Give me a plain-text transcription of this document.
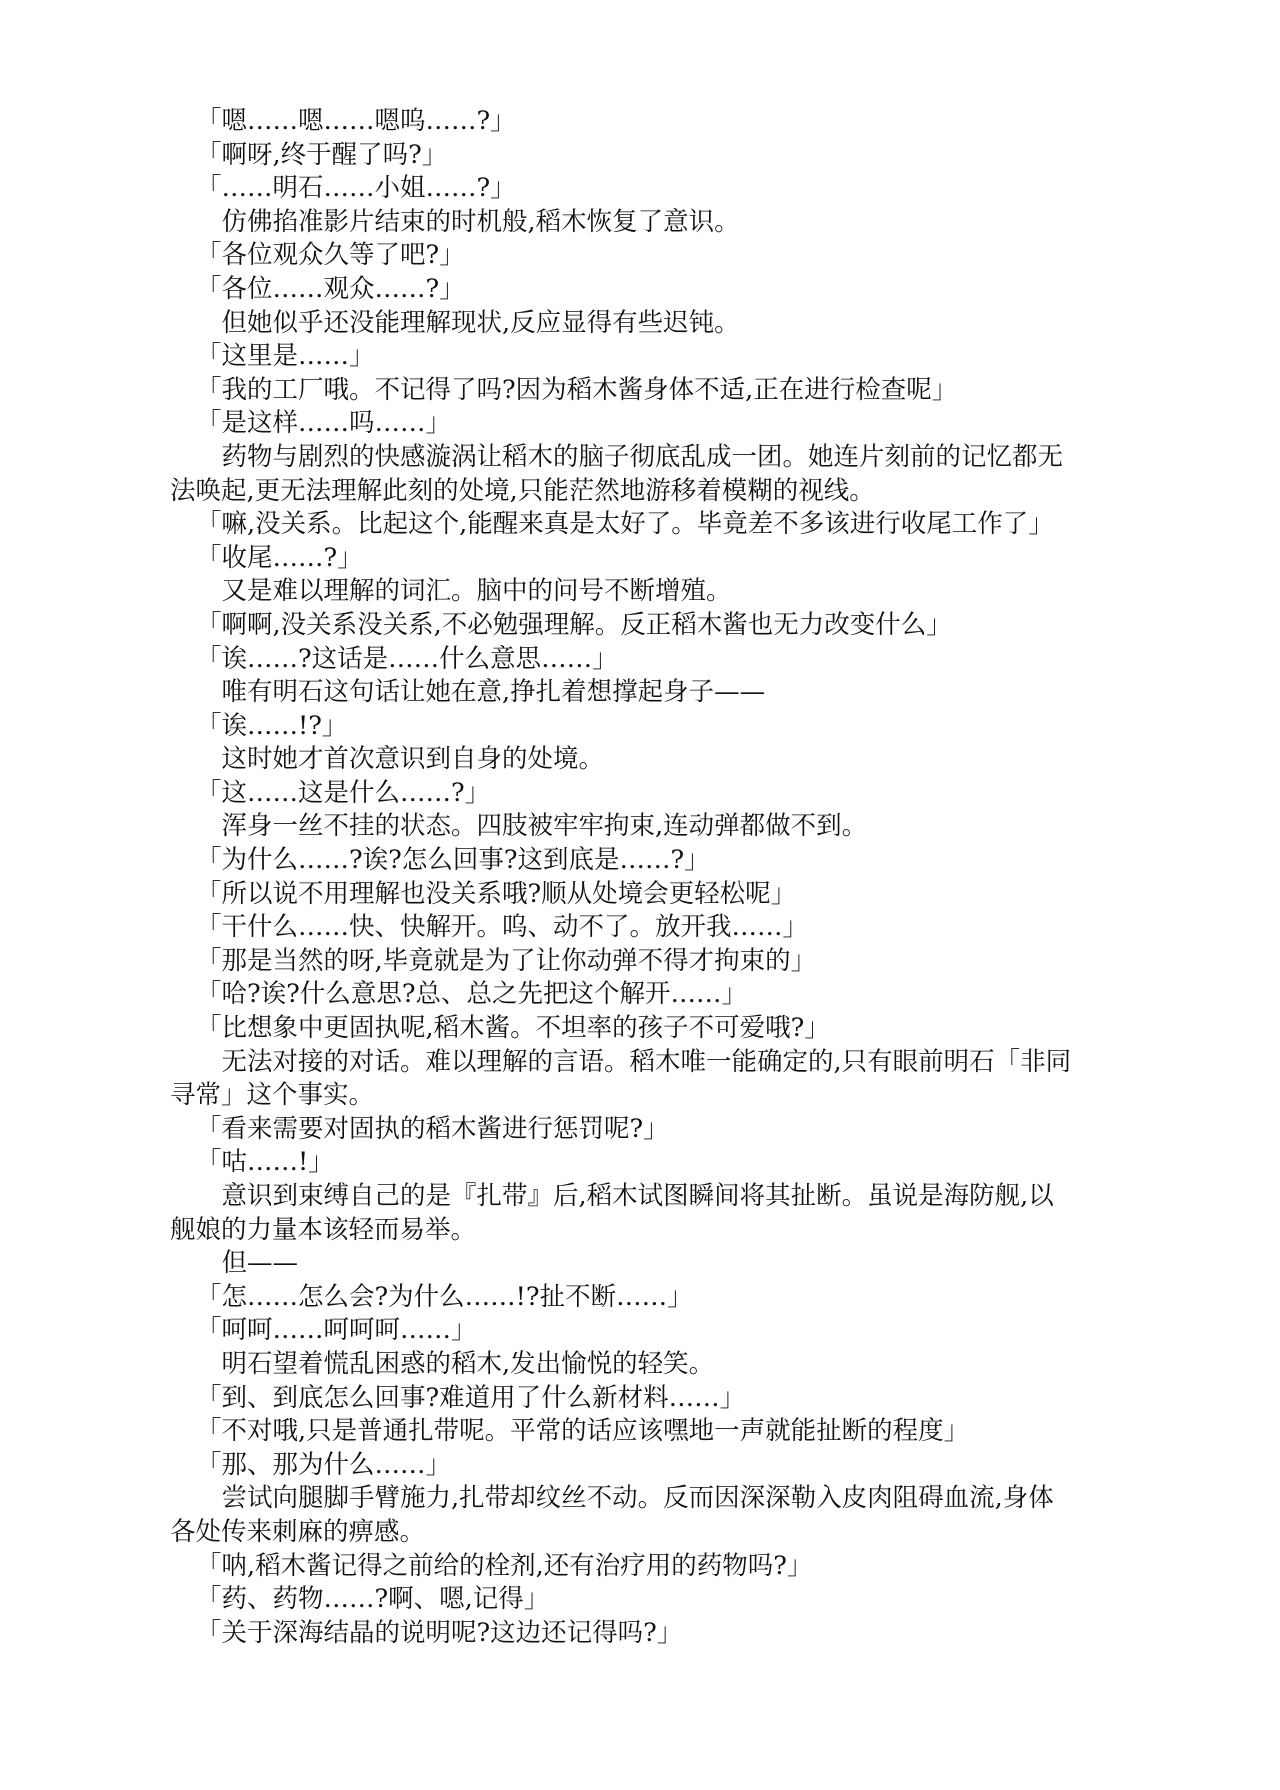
「嗯……嗯……嗯呜……?」

「啊呀,终于醒了吗?」

「……明石……小姐……?」

仿佛掐准影片结束的时机般,稻木恢复了意识。

「各位观众久等了吧?」

「各位……观众……?」

但她似乎还没能理解现状,反应显得有些迟钝。

「这里是……」

「我的工厂哦。不记得了吗?因为稻木酱身体不适,正在进行检查呢」

「是这样……吗……」

药物与剧烈的快感漩涡让稻木的脑子彻底乱成一团。她连片刻前的记忆都无

法唤起,更无法理解此刻的处境,只能茫然地游移着模糊的视线。

「嘛,没关系。比起这个,能醒来真是太好了。毕竟差不多该进行收尾工作了」

「收尾……?」

又是难以理解的词汇。脑中的问号不断增殖。

「啊啊,没关系没关系,不必勉强理解。反正稻木酱也无力改变什么」

「诶……?这话是……什么意思……」

唯有明石这句话让她在意,挣扎着想撑起身子——

「诶……!?」

这时她才首次意识到自身的处境。

「这……这是什么……?」

浑身一丝不挂的状态。四肢被牢牢拘束,连动弹都做不到。

「为什么……?诶?怎么回事?这到底是……?」

「所以说不用理解也没关系哦?顺从处境会更轻松呢」

「干什么……快、快解开。呜、动不了。放开我……」

「那是当然的呀,毕竟就是为了让你动弹不得才拘束的」

「哈?诶?什么意思?总、总之先把这个解开……」

「比想象中更固执呢,稻木酱。不坦率的孩子不可爱哦?」

无法对接的对话。难以理解的言语。稻木唯一能确定的,只有眼前明石「非同

寻常」这个事实。

「看来需要对固执的稻木酱进行惩罚呢?」

「咕……!」

意识到束缚自己的是『扎带』后,稻木试图瞬间将其扯断。虽说是海防舰,以

舰娘的力量本该轻而易举。

但——

「怎……怎么会?为什么……!?扯不断……」

「呵呵……呵呵呵……」

明石望着慌乱困惑的稻木,发出愉悦的轻笑。

「到、到底怎么回事?难道用了什么新材料……」

「不对哦,只是普通扎带呢。平常的话应该嘿地一声就能扯断的程度」

「那、那为什么……」

尝试向腿脚手臂施力,扎带却纹丝不动。反而因深深勒入皮肉阻碍血流,身体

各处传来刺麻的痹感。

「呐,稻木酱记得之前给的栓剂,还有治疗用的药物吗?」

「药、药物……?啊、嗯,记得」

「关于深海结晶的说明呢?这边还记得吗?」
